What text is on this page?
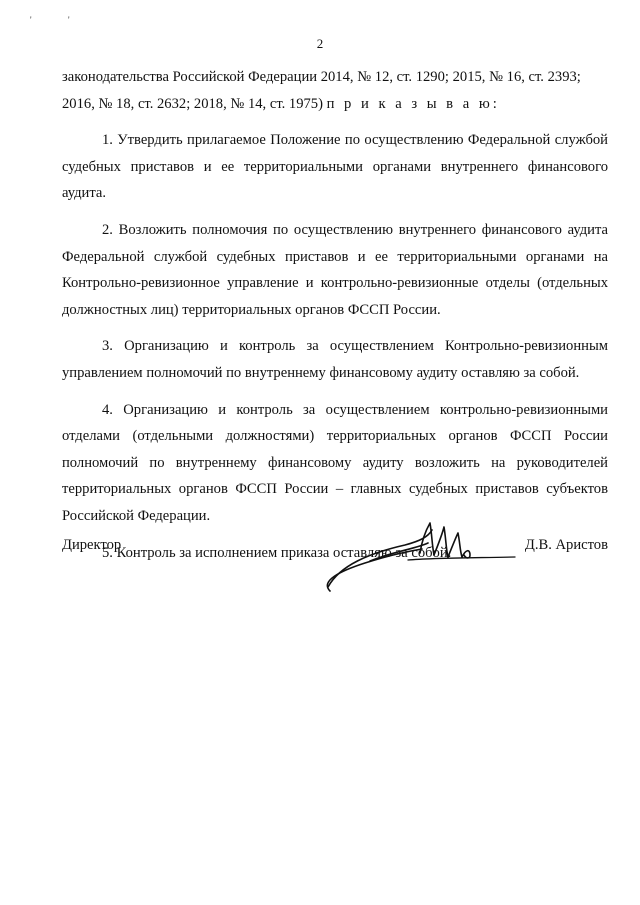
'	'
2

законодательства Российской Федерации 2014, № 12, ст. 1290; 2015, № 16, ст. 2393;

2016, № 18, ст. 2632; 2018, № 14, ст. 1975) п р и к а з ы в а ю:

1. Утвердить прилагаемое Положение по осуществлению Федеральной службой судебных приставов и ее территориальными органами внутреннего финансового аудита.

2. Возложить полномочия по осуществлению внутреннего финансового аудита Федеральной службой судебных приставов и ее территориальными органами на Контрольно-ревизионное управление и контрольно-ревизионные отделы (отдельных должностных лиц) территориальных органов ФССП России.

3. Организацию и контроль за осуществлением Контрольно-ревизионным управлением полномочий по внутреннему финансовому аудиту оставляю за собой.

4. Организацию и контроль за осуществлением контрольно-ревизионными отделами (отдельными должностями) территориальных органов ФССП России полномочий по внутреннему финансовому аудиту возложить на руководителей территориальных органов ФССП России – главных судебных приставов субъектов Российской Федерации.

5. Контроль за исполнением приказа оставляю за собой.

Директор	Д.В. Аристов
